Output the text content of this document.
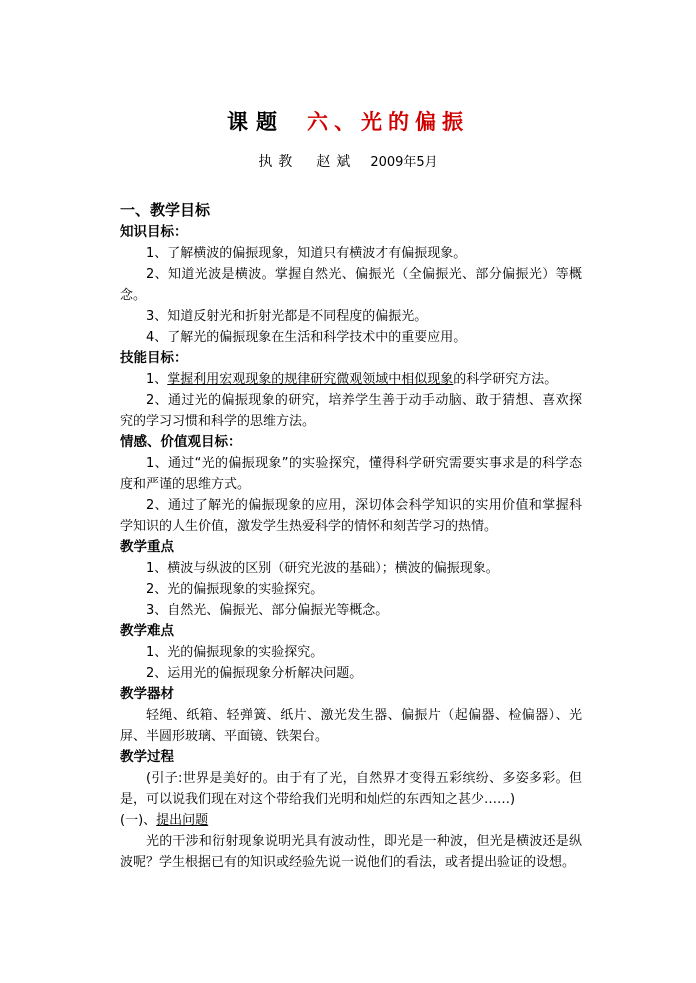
课题 六、光的偏振
执教 赵斌 2009年5月
一、教学目标
知识目标：
1、了解横波的偏振现象，知道只有横波才有偏振现象。
2、知道光波是横波。掌握自然光、偏振光（全偏振光、部分偏振光）等概念。
3、知道反射光和折射光都是不同程度的偏振光。
4、了解光的偏振现象在生活和科学技术中的重要应用。
技能目标：
1、掌握利用宏观现象的规律研究微观领域中相似现象的科学研究方法。
2、通过光的偏振现象的研究，培养学生善于动手动脑、敢于猜想、喜欢探究的学习习惯和科学的思维方法。
情感、价值观目标：
1、通过“光的偏振现象”的实验探究，懂得科学研究需要实事求是的科学态度和严谨的思维方式。
2、通过了解光的偏振现象的应用，深切体会科学知识的实用价值和掌握科学知识的人生价值，激发学生热爱科学的情怀和刻苦学习的热情。
教学重点
1、横波与纵波的区别（研究光波的基础）；横波的偏振现象。
2、光的偏振现象的实验探究。
3、自然光、偏振光、部分偏振光等概念。
教学难点
1、光的偏振现象的实验探究。
2、运用光的偏振现象分析解决问题。
教学器材
轻绳、纸箱、轻弹簧、纸片、激光发生器、偏振片（起偏器、检偏器）、光屏、半圆形玻璃、平面镜、铁架台。
教学过程
(引子:世界是美好的。由于有了光，自然界才变得五彩缤纷、多姿多彩。但是，可以说我们现在对这个带给我们光明和灿烂的东西知之甚少……)
(一)、提出问题
光的干涉和衍射现象说明光具有波动性，即光是一种波，但光是横波还是纵波呢？学生根据已有的知识或经验先说一说他们的看法，或者提出验证的设想。
